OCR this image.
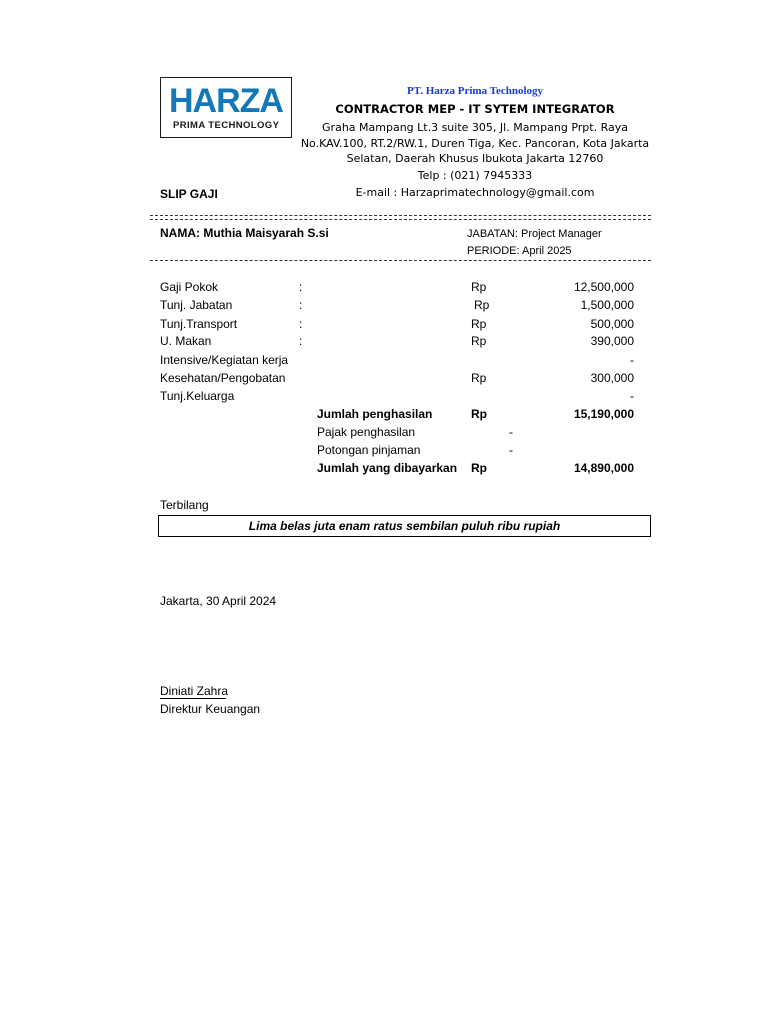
HARZA
PRIMA TECHNOLOGY
PT. Harza Prima Technology
CONTRACTOR MEP - IT SYTEM INTEGRATOR
Graha Mampang Lt.3 suite 305, Jl. Mampang Prpt. Raya
No.KAV.100, RT.2/RW.1, Duren Tiga, Kec. Pancoran, Kota Jakarta
Selatan, Daerah Khusus Ibukota Jakarta 12760
Telp : (021) 7945333
E-mail : Harzaprimatechnology@gmail.com
SLIP GAJI
NAMA: Muthia Maisyarah S.si	JABATAN: Project Manager
PERIODE: April 2025
Gaji Pokok	:	Rp	12,500,000
Tunj. Jabatan	:	Rp	1,500,000
Tunj.Transport	:	Rp	500,000
U. Makan	:	Rp	390,000
Intensive/Kegiatan kerja	-
Kesehatan/Pengobatan	Rp	300,000
Tunj.Keluarga	-
Jumlah penghasilan	Rp	15,190,000
Pajak penghasilan	-
Potongan pinjaman	-
Jumlah yang dibayarkan Rp	14,890,000
Terbilang
Lima belas juta enam ratus sembilan puluh ribu rupiah
Jakarta, 30 April 2024
Diniati Zahra
Direktur Keuangan
